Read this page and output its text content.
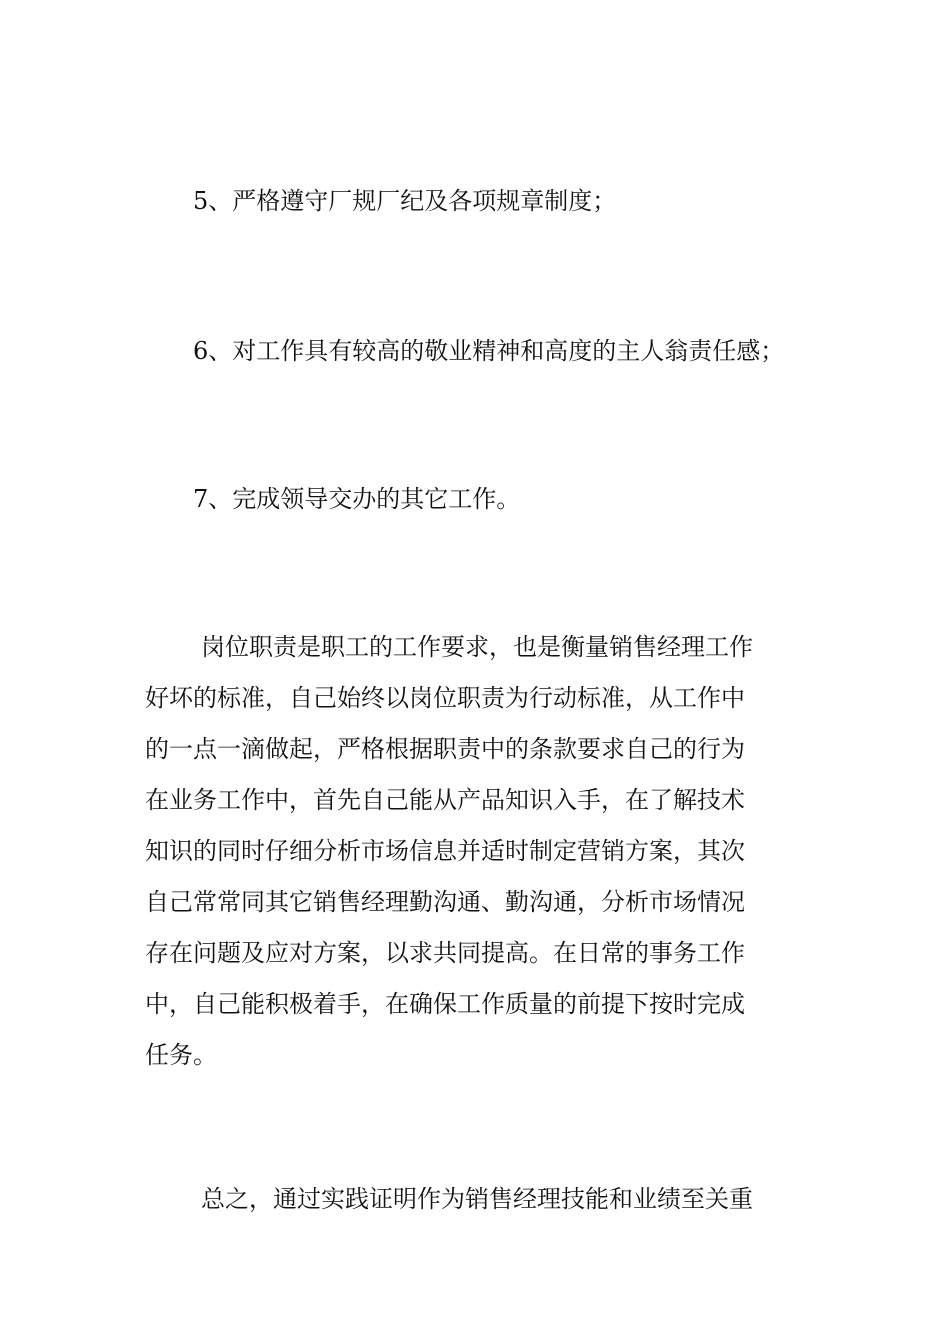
5、严格遵守厂规厂纪及各项规章制度；

6、对工作具有较高的敬业精神和高度的主人翁责任感；

7、完成领导交办的其它工作。

岗位职责是职工的工作要求，也是衡量销售经理工作
好坏的标准，自己始终以岗位职责为行动标准，从工作中
的一点一滴做起，严格根据职责中的条款要求自己的行为
在业务工作中，首先自己能从产品知识入手，在了解技术
知识的同时仔细分析市场信息并适时制定营销方案，其次
自己常常同其它销售经理勤沟通、勤沟通，分析市场情况
存在问题及应对方案，以求共同提高。在日常的事务工作
中，自己能积极着手，在确保工作质量的前提下按时完成
任务。
总之，通过实践证明作为销售经理技能和业绩至关重
